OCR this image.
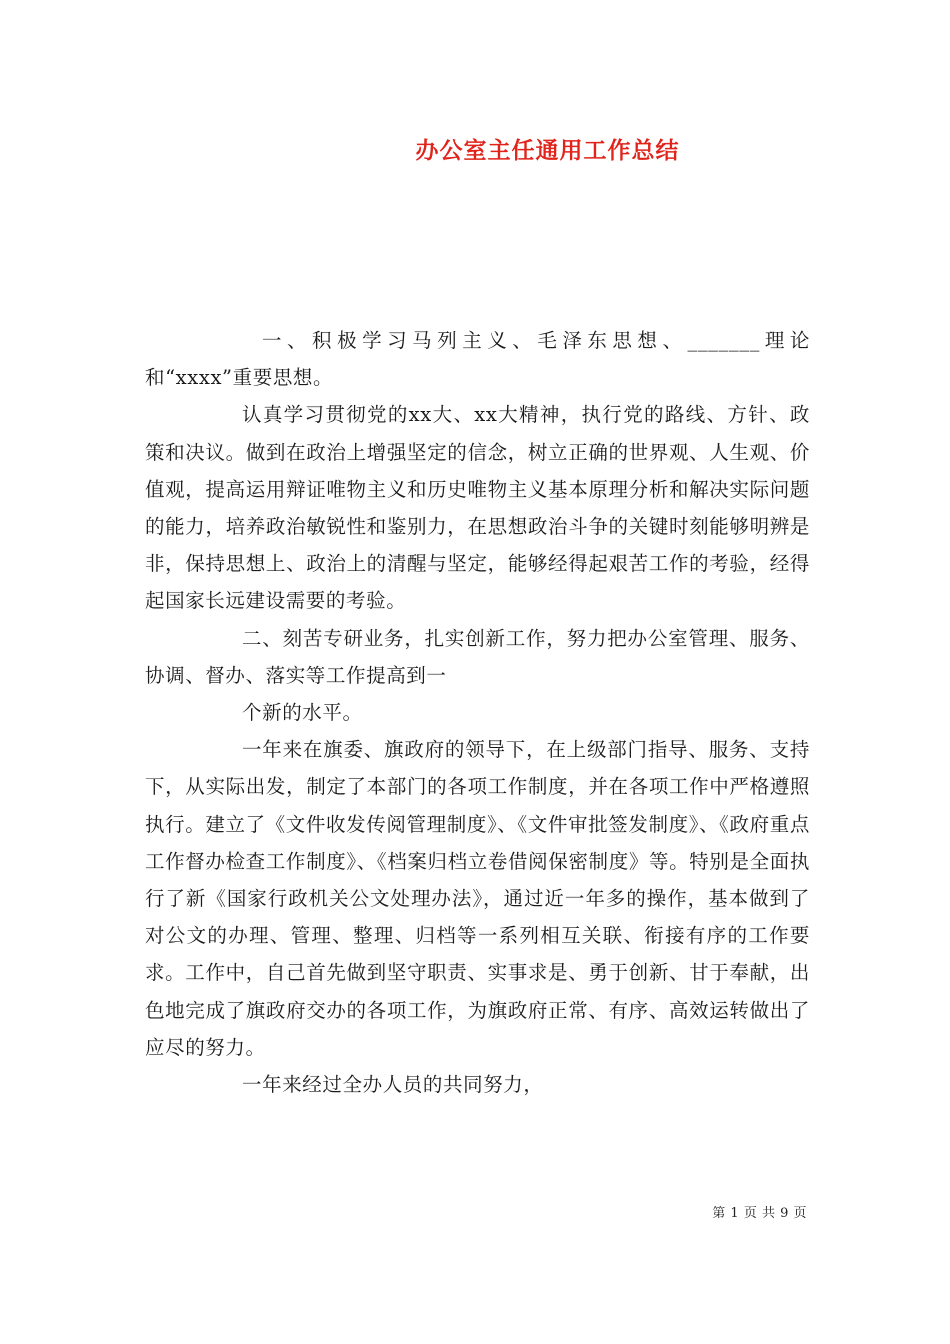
办公室主任通用工作总结

一、积极学习马列主义、毛泽东思想、_______理论和“xxxx”重要思想。

认真学习贯彻党的xx大、xx大精神，执行党的路线、方针、政策和决议。做到在政治上增强坚定的信念，树立正确的世界观、人生观、价值观，提高运用辩证唯物主义和历史唯物主义基本原理分析和解决实际问题的能力，培养政治敏锐性和鉴别力，在思想政治斗争的关键时刻能够明辨是非，保持思想上、政治上的清醒与坚定，能够经得起艰苦工作的考验，经得起国家长远建设需要的考验。

二、刻苦专研业务，扎实创新工作，努力把办公室管理、服务、协调、督办、落实等工作提高到一

个新的水平。

一年来在旗委、旗政府的领导下，在上级部门指导、服务、支持下，从实际出发，制定了本部门的各项工作制度，并在各项工作中严格遵照执行。建立了《文件收发传阅管理制度》、《文件审批签发制度》、《政府重点工作督办检查工作制度》、《档案归档立卷借阅保密制度》等。特别是全面执行了新《国家行政机关公文处理办法》，通过近一年多的操作，基本做到了对公文的办理、管理、整理、归档等一系列相互关联、衔接有序的工作要求。工作中，自己首先做到坚守职责、实事求是、勇于创新、甘于奉献，出色地完成了旗政府交办的各项工作，为旗政府正常、有序、高效运转做出了应尽的努力。

一年来经过全办人员的共同努力，

第 1 页 共 9 页
